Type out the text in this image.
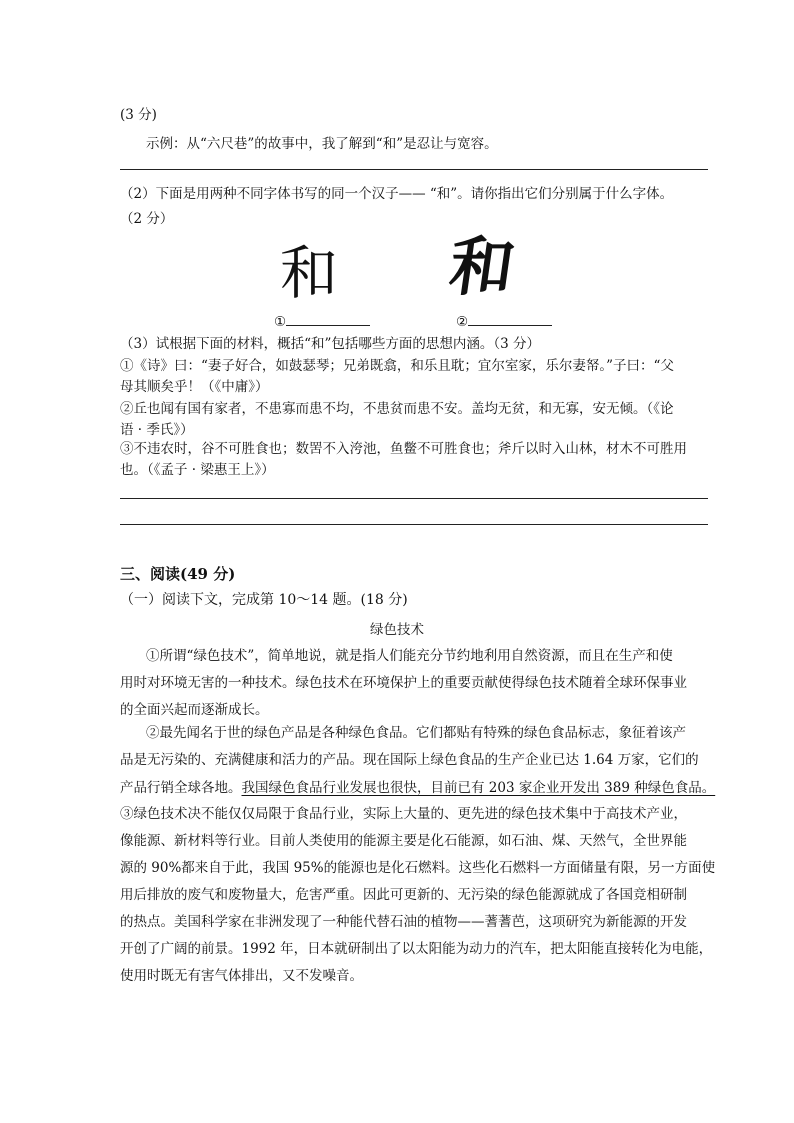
(3 分)
示例：从“六尺巷”的故事中，我了解到“和”是忍让与宽容。
（2）下面是用两种不同字体书写的同一个汉子—— “和”。请你指出它们分别属于什么字体。
（2 分）
和 和
①	②
（3）试根据下面的材料，概括“和”包括哪些方面的思想内涵。（3 分）
①《诗》曰：“妻子好合，如鼓瑟琴；兄弟既翕，和乐且耽；宜尔室家，乐尔妻帑。”子曰：“父
母其顺矣乎！（《中庸》）
②丘也闻有国有家者，不患寡而患不均，不患贫而患不安。盖均无贫，和无寡，安无倾。（《论
语 · 季氏》）
③不违农时，谷不可胜食也；数罟不入洿池，鱼鳖不可胜食也；斧斤以时入山林，材木不可胜用
也。（《孟子 · 梁惠王上》）
三、阅读(49 分)
（一）阅读下文，完成第 10～14 题。(18 分)
绿色技术
①所谓“绿色技术”，简单地说，就是指人们能充分节约地利用自然资源，而且在生产和使
用时对环境无害的一种技术。绿色技术在环境保护上的重要贡献使得绿色技术随着全球环保事业
的全面兴起而逐渐成长。
②最先闻名于世的绿色产品是各种绿色食品。它们都贴有特殊的绿色食品标志，象征着该产
品是无污染的、充满健康和活力的产品。现在国际上绿色食品的生产企业已达 1.64 万家，它们的
产品行销全球各地。我国绿色食品行业发展也很快，目前已有 203 家企业开发出 389 种绿色食品。
③绿色技术决不能仅仅局限于食品行业，实际上大量的、更先进的绿色技术集中于高技术产业，
像能源、新材料等行业。目前人类使用的能源主要是化石能源，如石油、煤、天然气，全世界能
源的 90%都来自于此，我国 95%的能源也是化石燃料。这些化石燃料一方面储量有限，另一方面使
用后排放的废气和废物量大，危害严重。因此可更新的、无污染的绿色能源就成了各国竞相研制
的热点。美国科学家在非洲发现了一种能代替石油的植物——蓍蓍芭，这项研究为新能源的开发
开创了广阔的前景。1992 年，日本就研制出了以太阳能为动力的汽车，把太阳能直接转化为电能，
使用时既无有害气体排出，又不发噪音。
